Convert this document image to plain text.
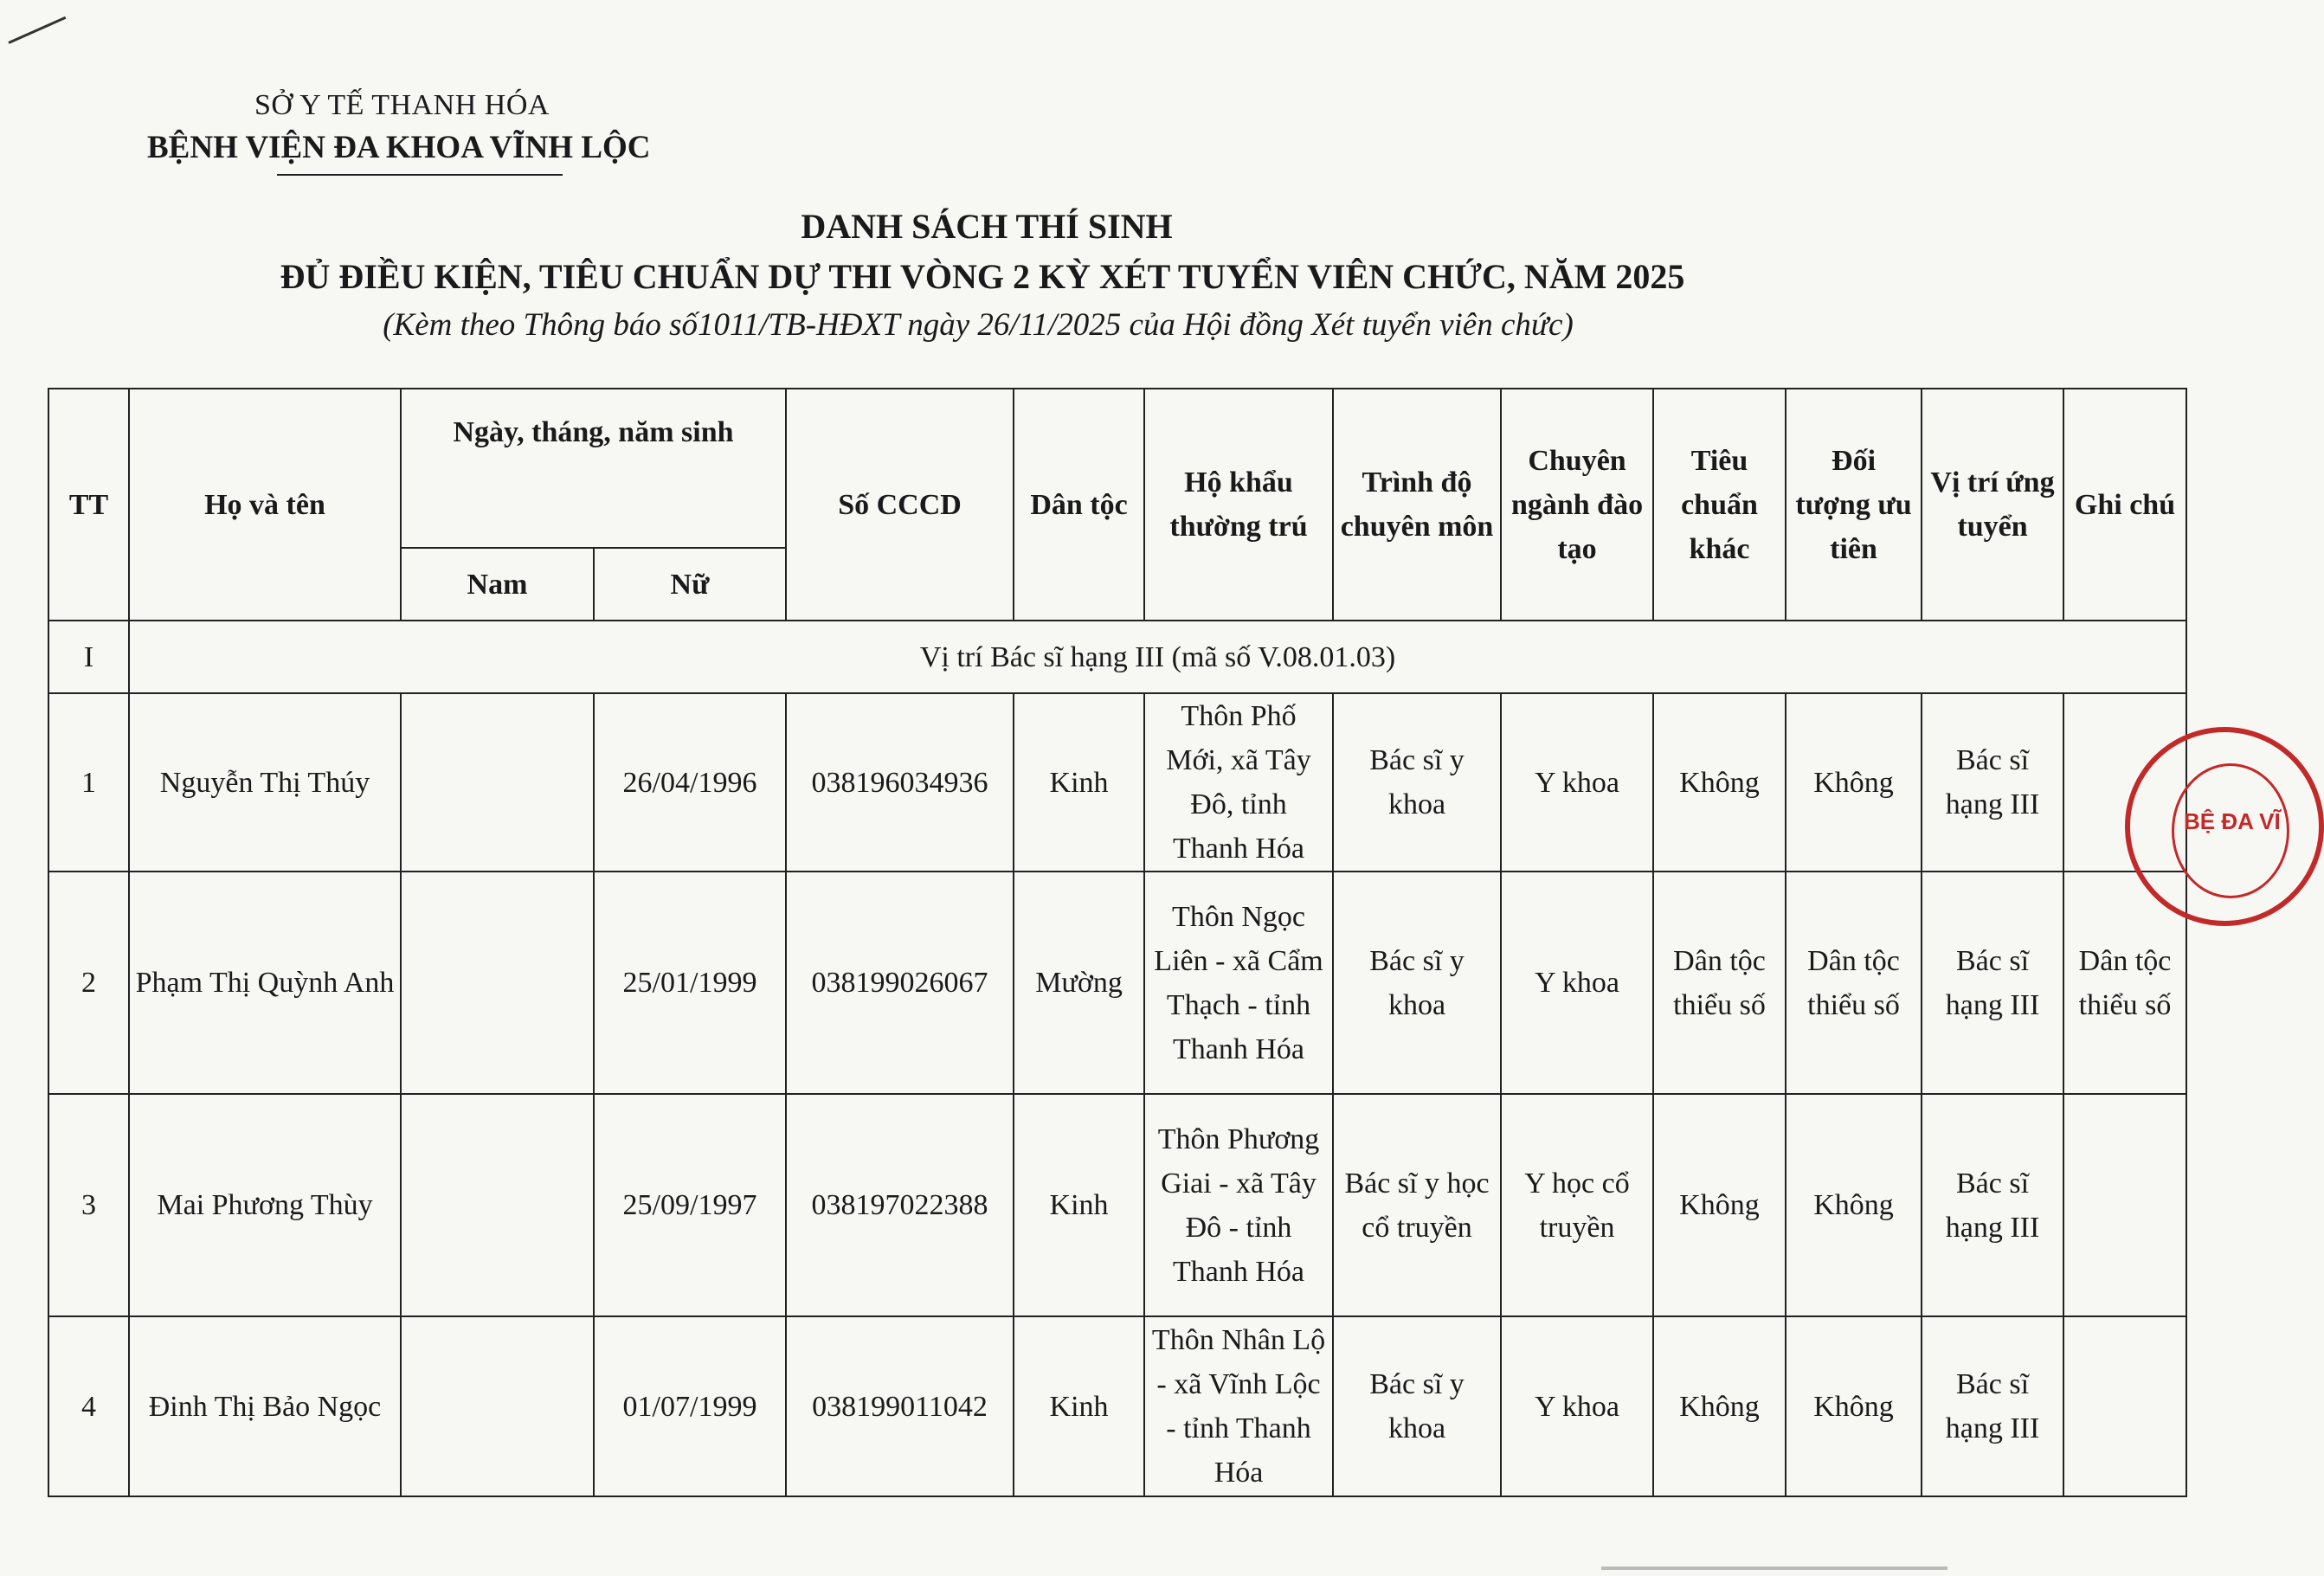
SỞ Y TẾ THANH HÓA
BỆNH VIỆN ĐA KHOA VĨNH LỘC
DANH SÁCH THÍ SINH
ĐỦ ĐIỀU KIỆN, TIÊU CHUẨN DỰ THI VÒNG 2 KỲ XÉT TUYỂN VIÊN CHỨC, NĂM 2025
(Kèm theo Thông báo số1011/TB-HĐXT ngày 26/11/2025 của Hội đồng Xét tuyển viên chức)
TT	Họ và tên	Ngày, tháng, năm sinh		Số CCCD	Dân tộc	Hộ khẩu thường trú	Trình độ chuyên môn	Chuyên ngành đào tạo	Tiêu chuẩn khác	Đối tượng ưu tiên	Vị trí ứng tuyển	Ghi chú
		Nam	Nữ									
I	Vị trí Bác sĩ hạng III (mã số V.08.01.03)											
1	Nguyễn Thị Thúy		26/04/1996	038196034936	Kinh	Thôn Phố Mới, xã Tây Đô, tỉnh Thanh Hóa	Bác sĩ y khoa	Y khoa	Không	Không	Bác sĩ hạng III	
2	Phạm Thị Quỳnh Anh		25/01/1999	038199026067	Mường	Thôn Ngọc Liên - xã Cẩm Thạch - tỉnh Thanh Hóa	Bác sĩ y khoa	Y khoa	Dân tộc thiểu số	Dân tộc thiểu số	Bác sĩ hạng III	Dân tộc thiểu số
3	Mai Phương Thùy		25/09/1997	038197022388	Kinh	Thôn Phương Giai - xã Tây Đô - tỉnh Thanh Hóa	Bác sĩ y học cổ truyền	Y học cổ truyền	Không	Không	Bác sĩ hạng III	
4	Đinh Thị Bảo Ngọc		01/07/1999	038199011042	Kinh	Thôn Nhân Lộ - xã Vĩnh Lộc - tỉnh Thanh Hóa	Bác sĩ y khoa	Y khoa	Không	Không	Bác sĩ hạng III	
BỆ ĐA VĨ
